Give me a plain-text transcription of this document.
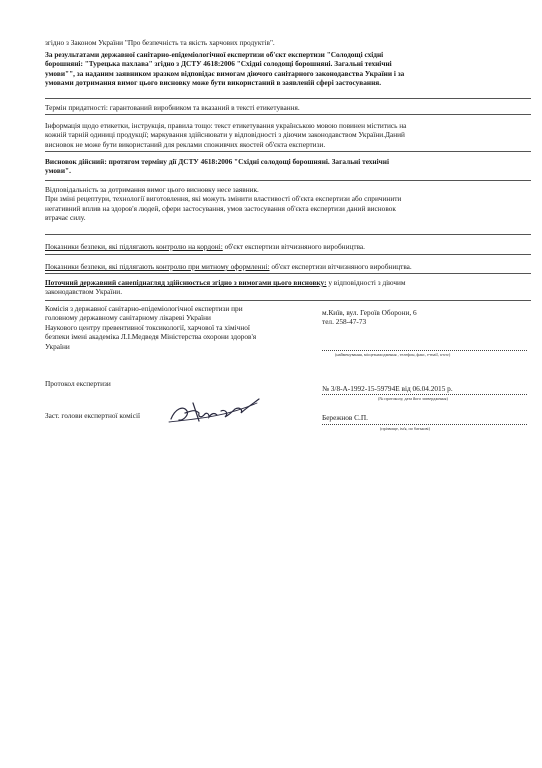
згідно з Законом України "Про безпечність та якість харчових продуктів".
За результатами державної санітарно-епідеміологічної експертизи об'єкт експертизи "Солодощі східні
борошняні: "Турецька пахлава" згідно з ДСТУ 4618:2006 "Східні солодощі борошняні. Загальні технічні
умови"", за наданим заявником зразком відповідає вимогам діючого санітарного законодавства України і за
умовами дотримання вимог цього висновку може бути використаний в заявленій сфері застосування.
Термін придатності: гарантований виробником та вказаний в тексті етикетування.
Інформація щодо етикетки, інструкція, правила тощо: текст етикетування українською мовою повинен міститись на
кожній тарній одиниці продукції; маркування здійснювати у відповідності з діючим законодавством України.Даний
висновок не може бути використаний для реклами споживчих якостей об'єкта експертизи.
Висновок дійсний: протягом терміну дії ДСТУ 4618:2006 "Східні солодощі борошняні. Загальні технічні
умови".
Відповідальність за дотримання вимог цього висновку несе заявник.
При зміні рецептури, технології виготовлення, які можуть змінити властивості об'єкта експертизи або спричинити
негативний вплив на здоров'я людей, сфери застосування, умов застосування об'єкта експертизи даний висновок
втрачає силу.
Показники безпеки, які підлягають контролю на кордоні: об'єкт експертизи вітчизняного виробництва.
Показники безпеки, які підлягають контролю при митному оформленні: об'єкт експертизи вітчизняного виробництва.
Поточний державний санепіднагляд здійснюється згідно з вимогами цього висновку: у відповідності з діючим
законодавством України.
Комісія з державної санітарно-епідеміологічної експертизи при
головному державному санітарному лікареві України
Наукового центру превентивної токсикології, харчової та хімічної
безпеки імені академіка Л.І.Медведя Міністерства охорони здоров'я
України
м.Київ, вул. Героїв Оборони, 6
тел. 258-47-73
(найменування, місцезнаходження , телефон, факс, e-mail, www)
Протокол експертизи
№ 3/8-А-1992-15-59794Е від 06.04.2015 р.
(№ протоколу, дата його затвердження)
Заст. голови експертної комісії	Бережнов С.П.
(прізвище, ім'я, по батькові)
